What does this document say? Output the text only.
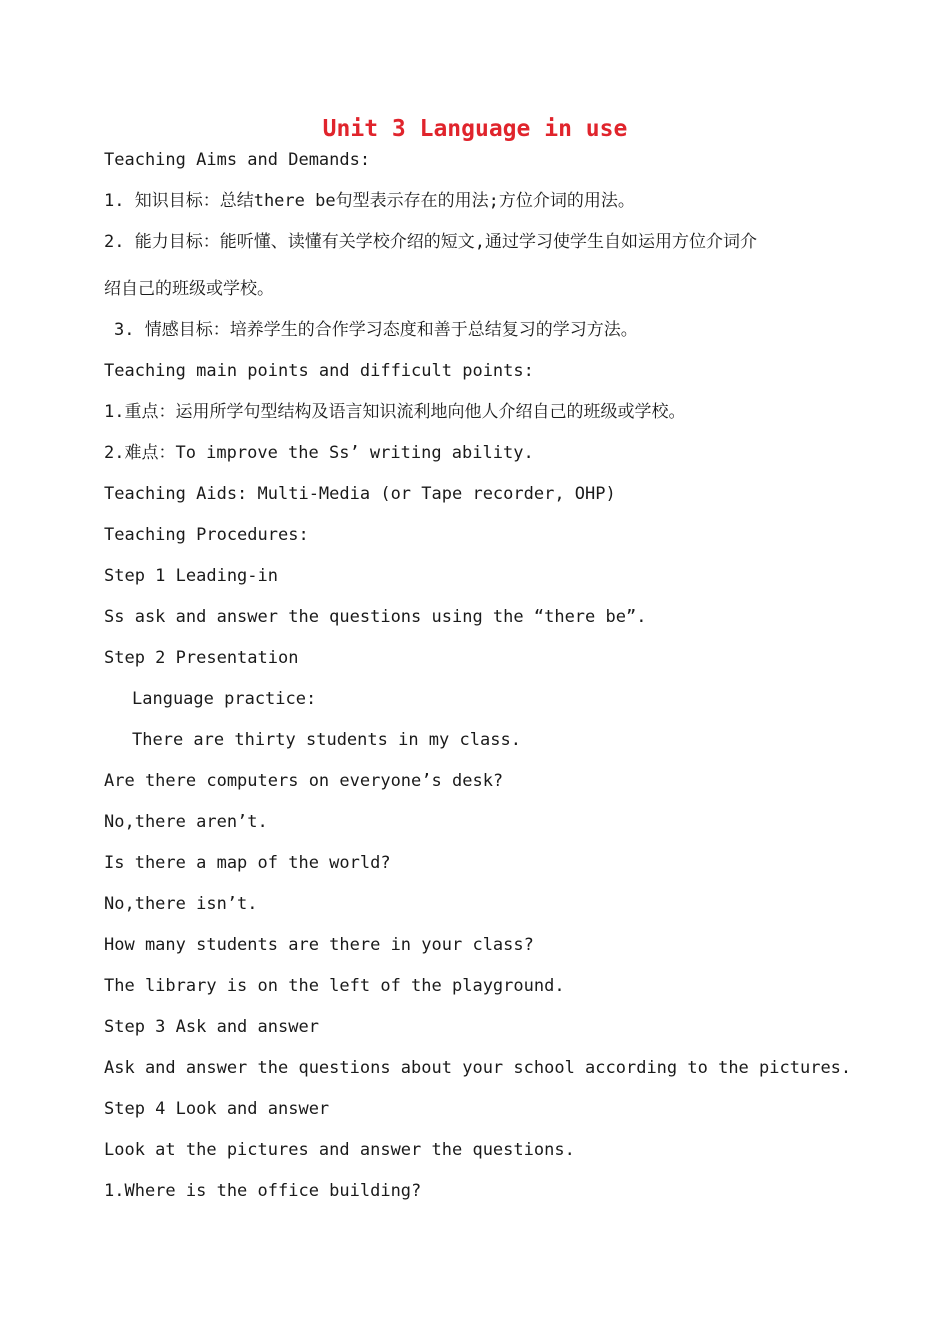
Unit 3 Language in use
Teaching Aims and Demands:
1. 知识目标：总结there be句型表示存在的用法;方位介词的用法。
2. 能力目标：能听懂、读懂有关学校介绍的短文,通过学习使学生自如运用方位介词介
绍自己的班级或学校。
3. 情感目标：培养学生的合作学习态度和善于总结复习的学习方法。
Teaching main points and difficult points:
1.重点：运用所学句型结构及语言知识流利地向他人介绍自己的班级或学校。
2.难点：To improve the Ss’ writing ability.
Teaching Aids: Multi-Media (or Tape recorder, OHP)
Teaching Procedures:
Step 1 Leading-in
Ss ask and answer the questions using the “there be”.
Step 2 Presentation
Language practice:
There are thirty students in my class.
Are there computers on everyone’s desk?
No,there aren’t.
Is there a map of the world?
No,there isn’t.
How many students are there in your class?
The library is on the left of the playground.
Step 3 Ask and answer
Ask and answer the questions about your school according to the pictures.
Step 4 Look and answer
Look at the pictures and answer the questions.
1.Where is the office building?
